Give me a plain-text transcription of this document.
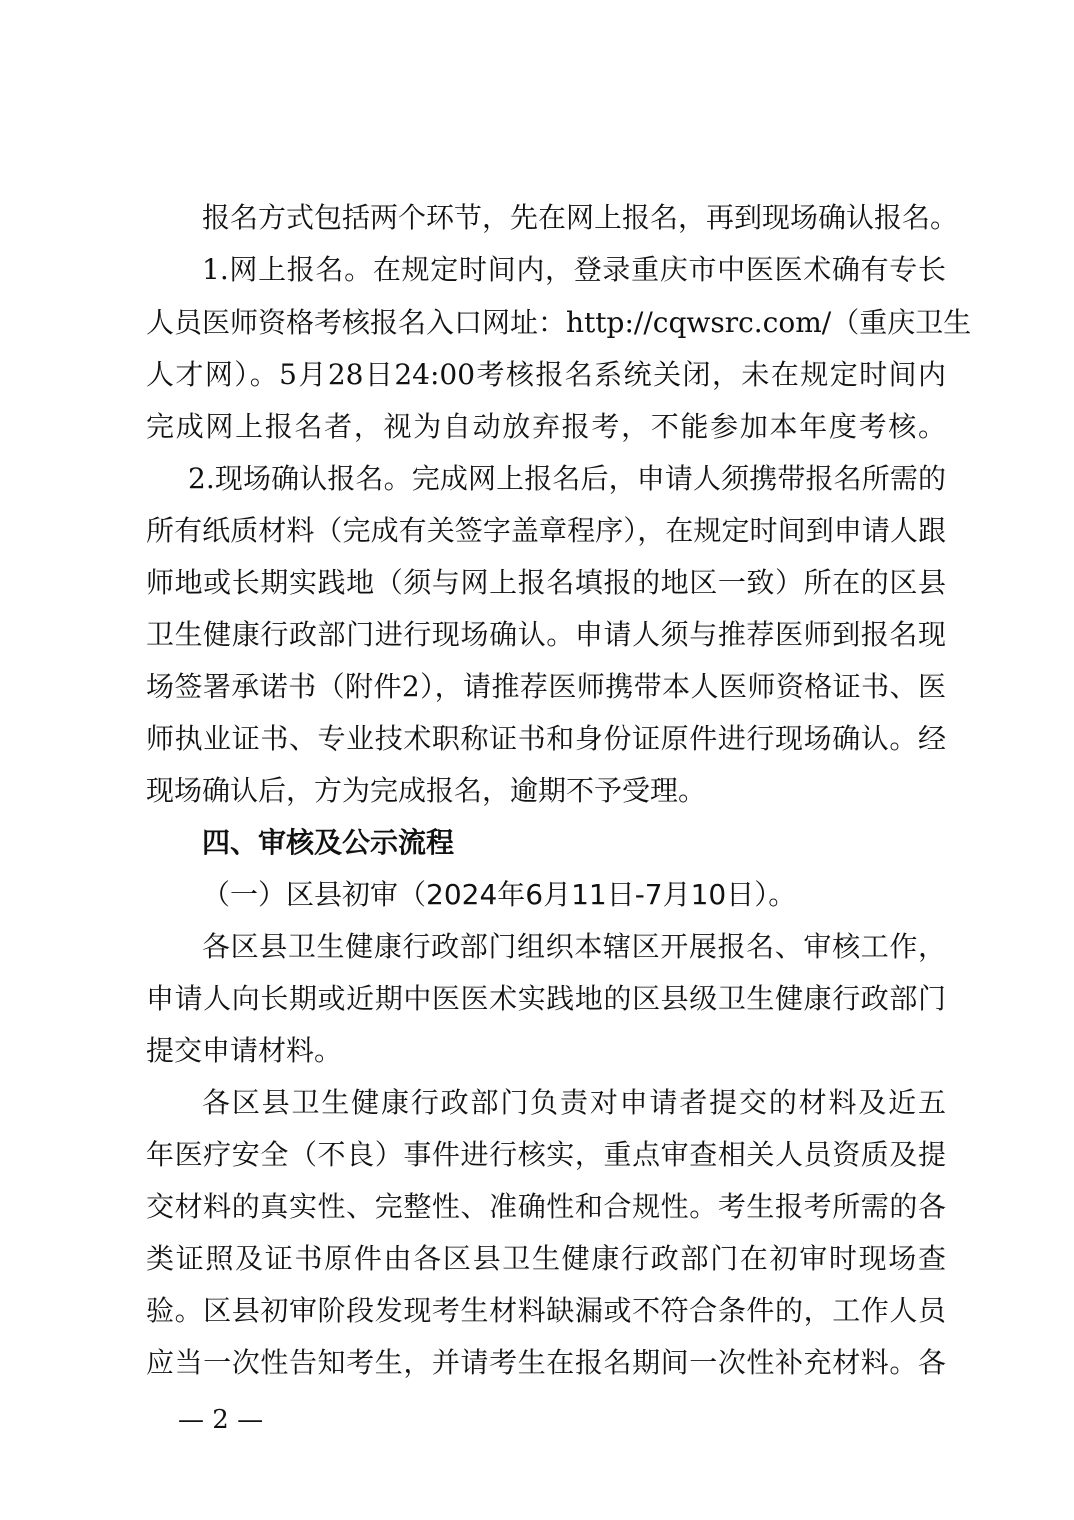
报名方式包括两个环节，先在网上报名，再到现场确认报名。
1.网上报名。在规定时间内，登录重庆市中医医术确有专长
人员医师资格考核报名入口网址：http://cqwsrc.com/（重庆卫生
人才网）。5月28日24:00考核报名系统关闭，未在规定时间内
完成网上报名者，视为自动放弃报考，不能参加本年度考核。
2.现场确认报名。完成网上报名后，申请人须携带报名所需的
所有纸质材料（完成有关签字盖章程序），在规定时间到申请人跟
师地或长期实践地（须与网上报名填报的地区一致）所在的区县
卫生健康行政部门进行现场确认。申请人须与推荐医师到报名现
场签署承诺书（附件2），请推荐医师携带本人医师资格证书、医
师执业证书、专业技术职称证书和身份证原件进行现场确认。经
现场确认后，方为完成报名，逾期不予受理。
四、审核及公示流程
（一）区县初审（2024年6月11日-7月10日）。
各区县卫生健康行政部门组织本辖区开展报名、审核工作，
申请人向长期或近期中医医术实践地的区县级卫生健康行政部门
提交申请材料。
各区县卫生健康行政部门负责对申请者提交的材料及近五
年医疗安全（不良）事件进行核实，重点审查相关人员资质及提
交材料的真实性、完整性、准确性和合规性。考生报考所需的各
类证照及证书原件由各区县卫生健康行政部门在初审时现场查
验。区县初审阶段发现考生材料缺漏或不符合条件的，工作人员
应当一次性告知考生，并请考生在报名期间一次性补充材料。各
— 2 —
